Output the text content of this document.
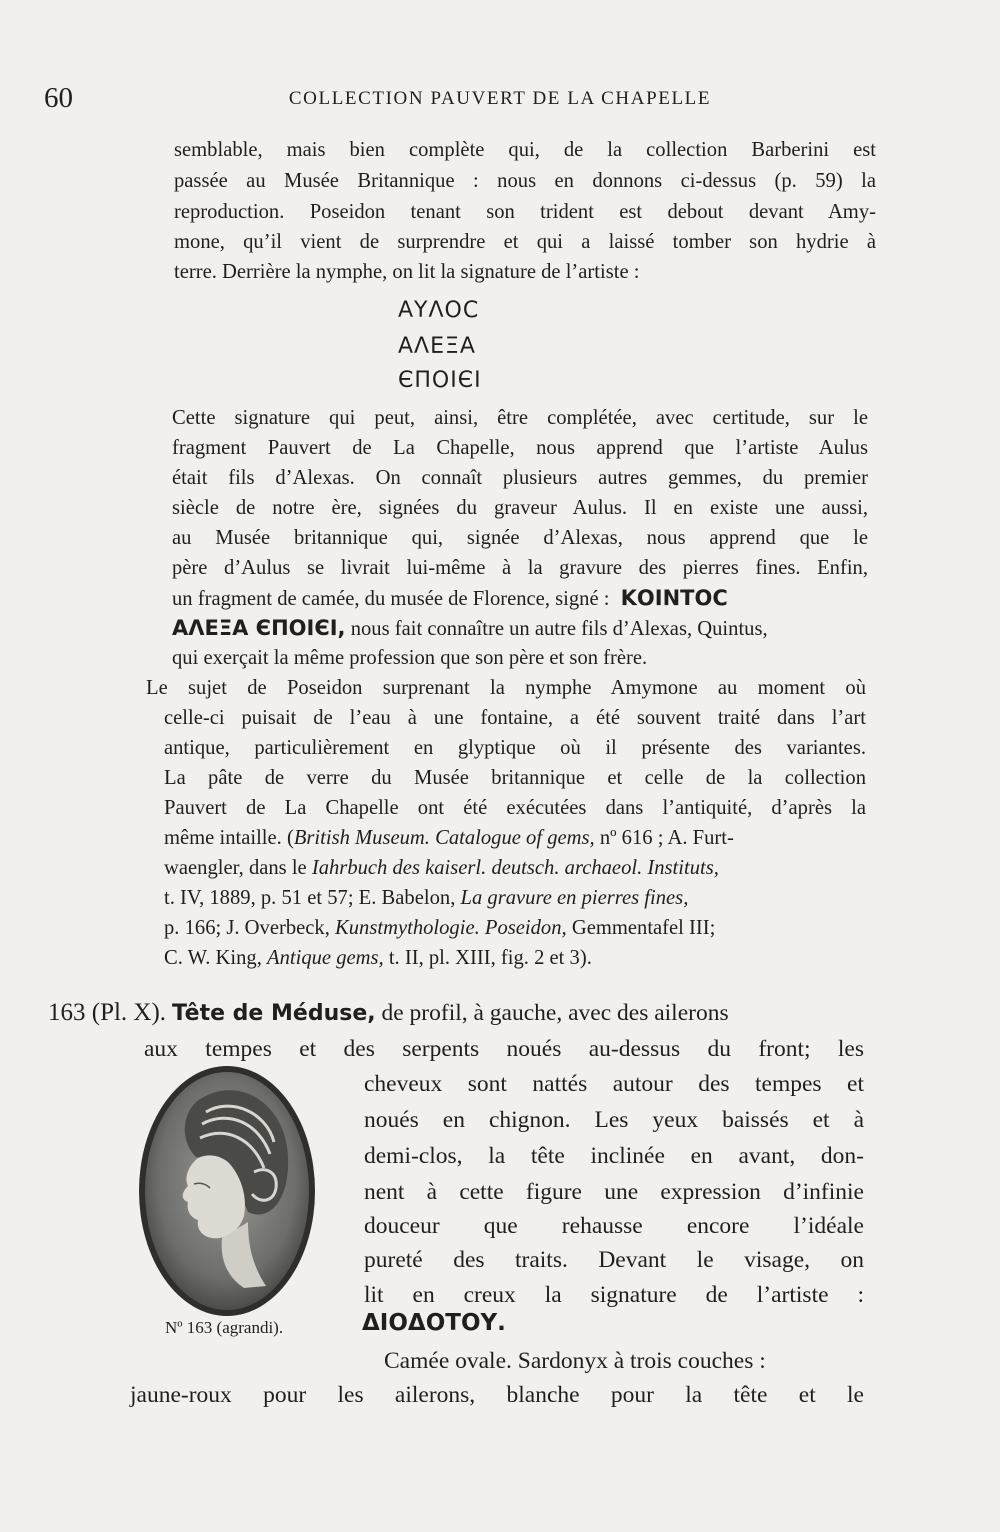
60	COLLECTION PAUVERT DE LA CHAPELLE
semblable, mais bien complète qui, de la collection Barberini est
passée au Musée Britannique : nous en donnons ci-dessus (p. 59) la
reproduction. Poseidon tenant son trident est debout devant Amy-
mone, qu’il vient de surprendre et qui a laissé tomber son hydrie à
terre. Derrière la nymphe, on lit la signature de l’artiste :
ΑΥΛΟϹ
ΑΛΕΞΑ
ЄΠΟΙЄΙ
Cette signature qui peut, ainsi, être complétée, avec certitude, sur le
fragment Pauvert de La Chapelle, nous apprend que l’artiste Aulus
était fils d’Alexas. On connaît plusieurs autres gemmes, du premier
siècle de notre ère, signées du graveur Aulus. Il en existe une aussi,
au Musée britannique qui, signée d’Alexas, nous apprend que le
père d’Aulus se livrait lui-même à la gravure des pierres fines. Enfin,
un fragment de camée, du musée de Florence, signé : ΚΟΙΝΤΟϹ
ΑΛΕΞΑ ЄΠΟΙЄΙ, nous fait connaître un autre fils d’Alexas, Quintus,
qui exerçait la même profession que son père et son frère.
Le sujet de Poseidon surprenant la nymphe Amymone au moment où
celle-ci puisait de l’eau à une fontaine, a été souvent traité dans l’art
antique, particulièrement en glyptique où il présente des variantes.
La pâte de verre du Musée britannique et celle de la collection
Pauvert de La Chapelle ont été exécutées dans l’antiquité, d’après la
même intaille. (British Museum. Catalogue of gems, nº 616 ; A. Furt-
waengler, dans le Iahrbuch des kaiserl. deutsch. archaeol. Instituts,
t. IV, 1889, p. 51 et 57; E. Babelon, La gravure en pierres fines,
p. 166; J. Overbeck, Kunstmythologie. Poseidon, Gemmentafel III;
C. W. King, Antique gems, t. II, pl. XIII, fig. 2 et 3).
163 (Pl. X). Tête de Méduse, de profil, à gauche, avec des ailerons
aux tempes et des serpents noués au-dessus du front; les
cheveux sont nattés autour des tempes et
noués en chignon. Les yeux baissés et à
demi-clos, la tête inclinée en avant, don-
nent à cette figure une expression d’infinie
douceur que rehausse encore l’idéale
pureté des traits. Devant le visage, on
lit en creux la signature de l’artiste :
ΔΙΟΔΟΤΟΥ.
Camée ovale. Sardonyx à trois couches :
jaune-roux pour les ailerons, blanche pour la tête et le
Nº 163 (agrandi).
